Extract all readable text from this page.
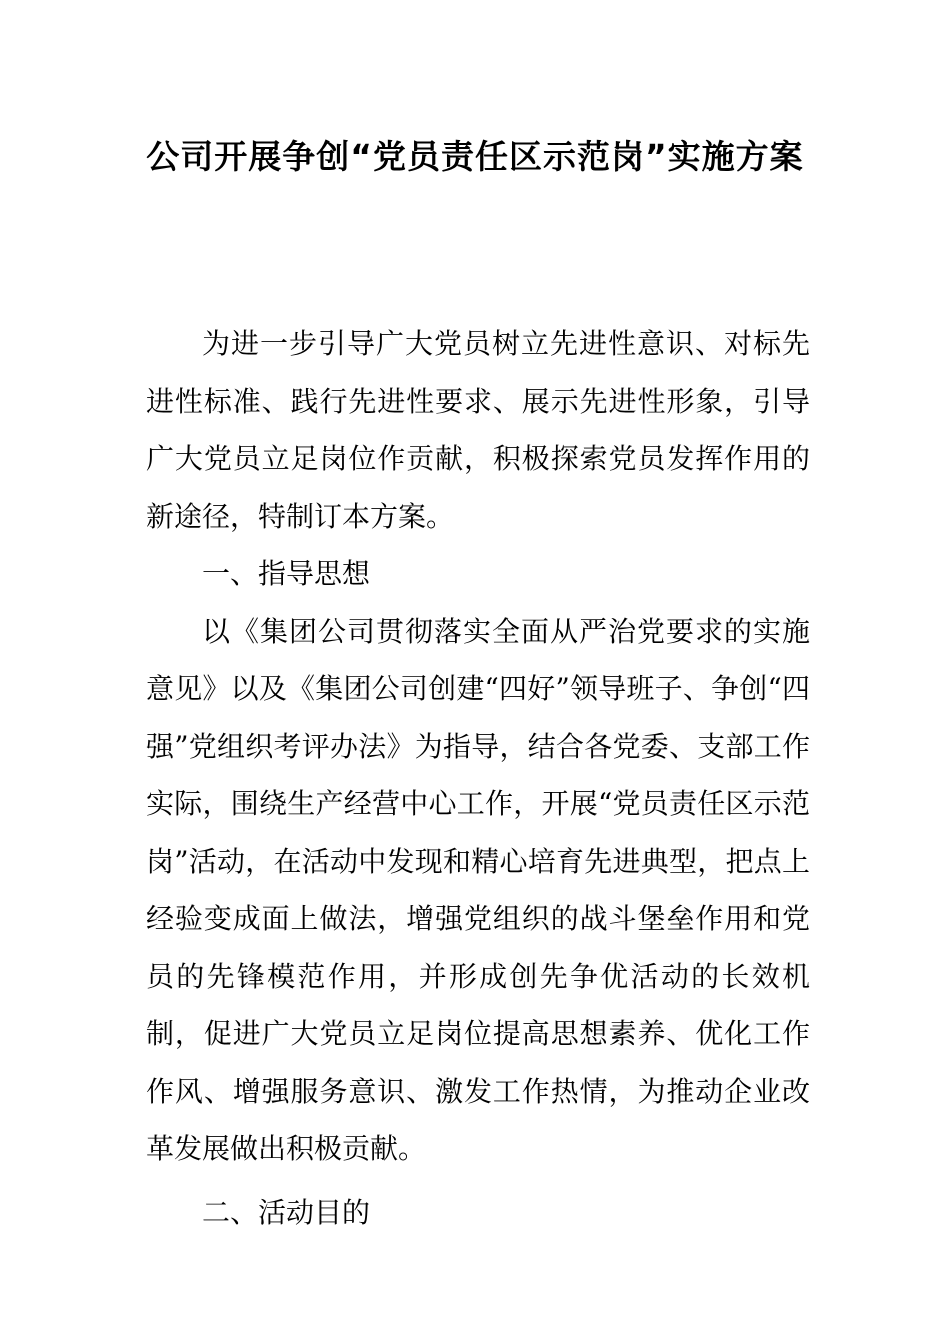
公司开展争创“党员责任区示范岗”实施方案

为进一步引导广大党员树立先进性意识、对标先进性标准、践行先进性要求、展示先进性形象，引导广大党员立足岗位作贡献，积极探索党员发挥作用的新途径，特制订本方案。

一、指导思想

以《集团公司贯彻落实全面从严治党要求的实施意见》以及《集团公司创建“四好”领导班子、争创“四强”党组织考评办法》为指导，结合各党委、支部工作实际，围绕生产经营中心工作，开展“党员责任区示范岗”活动，在活动中发现和精心培育先进典型，把点上经验变成面上做法，增强党组织的战斗堡垒作用和党员的先锋模范作用，并形成创先争优活动的长效机制，促进广大党员立足岗位提高思想素养、优化工作作风、增强服务意识、激发工作热情，为推动企业改革发展做出积极贡献。

二、活动目的
